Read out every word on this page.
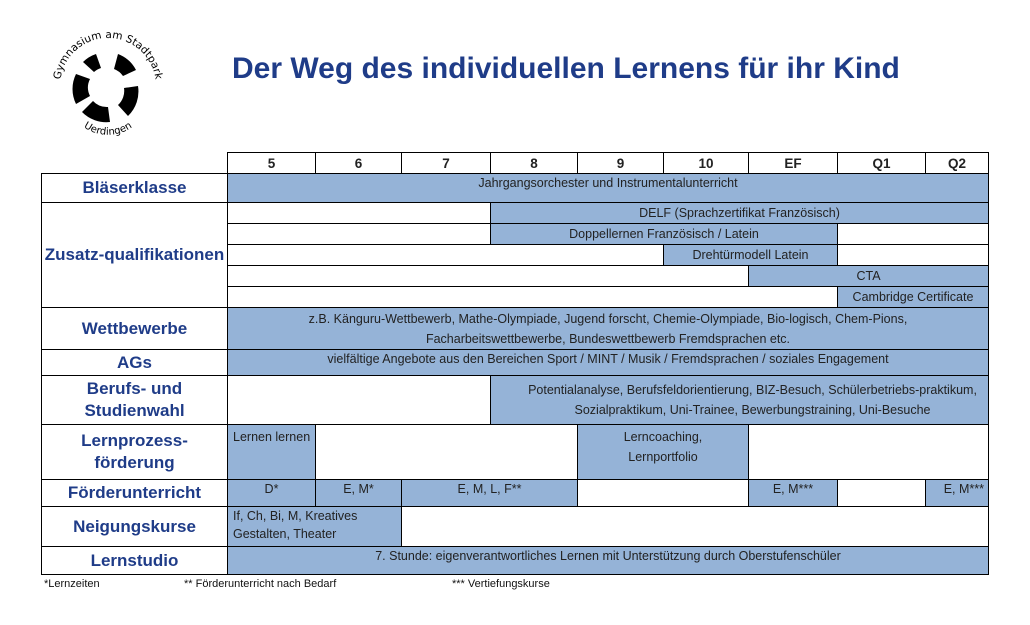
Gymnasium am Stadtpark
Uerdingen
Der Weg des individuellen Lernens für ihr Kind
	5	6	7	8	9	10	EF	Q1	Q2
Bläserklasse	Jahrgangsorchester und Instrumentalunterricht								
Zusatz-qualifikationen				DELF (Sprachzertifikat Französisch)					
				Doppellernen Französisch / Latein					
						Drehtürmodell Latein			
							CTA		
								Cambridge Certificate	
Wettbewerbe	z.B. Känguru-Wettbewerb, Mathe-Olympiade, Jugend forscht, Chemie-Olympiade, Bio-logisch, Chem-Pions, Facharbeitswettbewerbe, Bundeswettbewerb Fremdsprachen etc.								
AGs	vielfältige Angebote aus den Bereichen Sport / MINT / Musik / Fremdsprachen / soziales Engagement								
Berufs- und Studienwahl				Potentialanalyse, Berufsfeldorientierung, BIZ-Besuch, Schülerbetriebs-praktikum, Sozialpraktikum, Uni-Trainee, Bewerbungstraining, Uni-Besuche					
Lernprozess-förderung	Lernen lernen				Lerncoaching, Lernportfolio				
Förderunterricht	D*	E, M*	E, M, L, F**				E, M***		E, M***
Neigungskurse	If, Ch, Bi, M, Kreatives Gestalten, Theater								
Lernstudio	7. Stunde: eigenverantwortliches Lernen mit Unterstützung durch Oberstufenschüler								
*Lernzeiten	** Förderunterricht nach Bedarf	*** Vertiefungskurse
